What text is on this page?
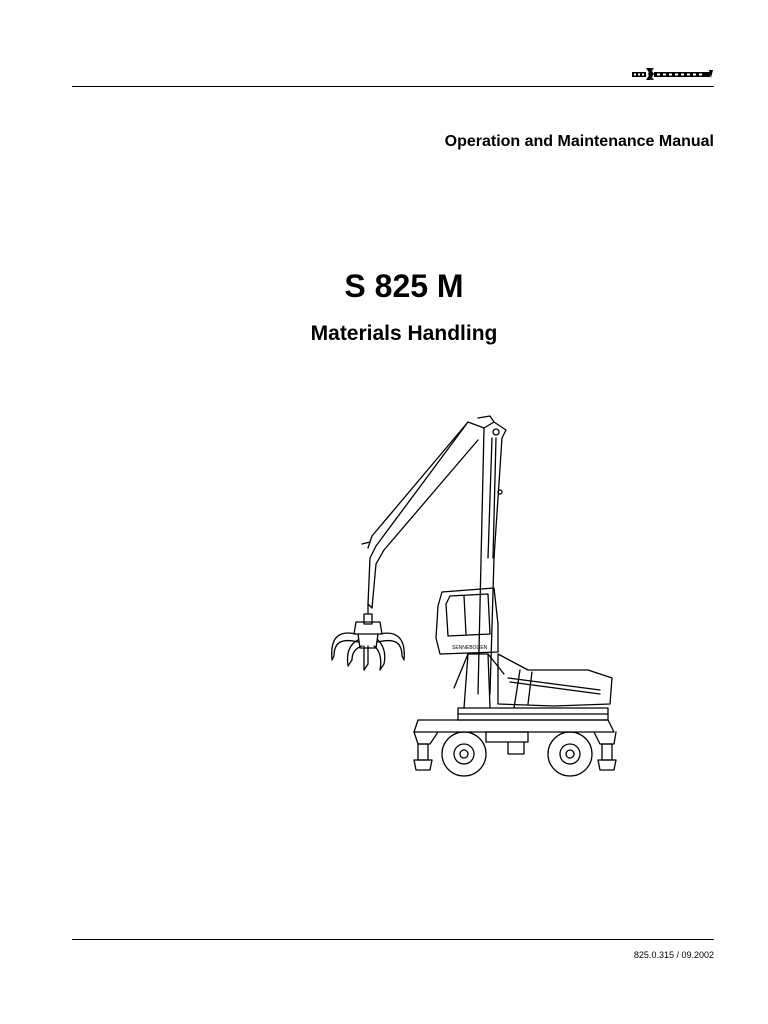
Operation and Maintenance Manual
S 825 M
Materials Handling
SENNEBOGEN
825.0.315 / 09.2002
